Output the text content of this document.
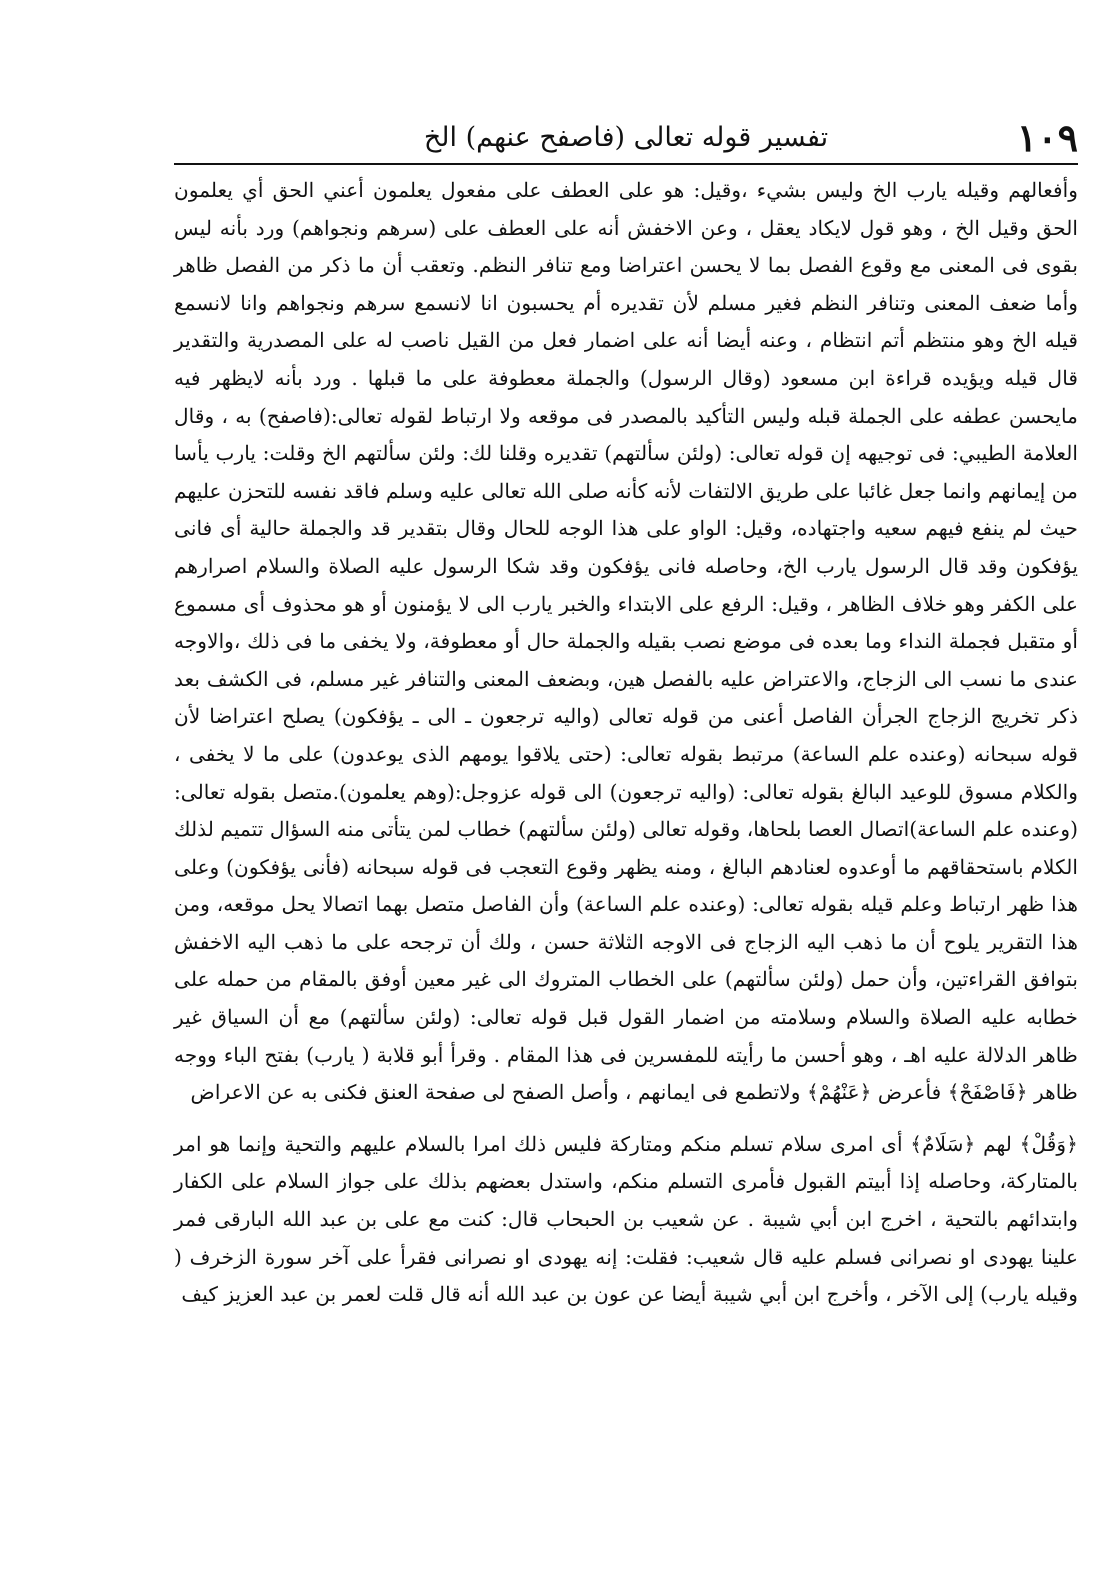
١٠٩
تفسير قوله تعالى (فاصفح عنهم) الخ

وأفعالهم وقيله يارب الخ وليس بشيء ،وقيل: هو على العطف على مفعول يعلمون أعني الحق أي يعلمون الحق وقيل الخ ، وهو قول لايكاد يعقل ، وعن الاخفش أنه على العطف على (سرهم ونجواهم) ورد بأنه ليس بقوى فى المعنى مع وقوع الفصل بما لا يحسن اعتراضا ومع تنافر النظم. وتعقب أن ما ذكر من الفصل ظاهر وأما ضعف المعنى وتنافر النظم فغير مسلم لأن تقديره أم يحسبون انا لانسمع سرهم ونجواهم وانا لانسمع قيله الخ وهو منتظم أتم انتظام ، وعنه أيضا أنه على اضمار فعل من القيل ناصب له على المصدرية والتقدير قال قيله ويؤيده قراءة ابن مسعود (وقال الرسول) والجملة معطوفة على ما قبلها . ورد بأنه لايظهر فيه مايحسن عطفه على الجملة قبله وليس التأكيد بالمصدر فى موقعه ولا ارتباط لقوله تعالى:(فاصفح) به ، وقال العلامة الطيبي: فى توجيهه إن قوله تعالى: (ولئن سألتهم) تقديره وقلنا لك: ولئن سألتهم الخ وقلت: يارب يأسا من إيمانهم وانما جعل غائبا على طريق الالتفات لأنه كأنه صلى الله تعالى عليه وسلم فاقد نفسه للتحزن عليهم حيث لم ينفع فيهم سعيه واجتهاده، وقيل: الواو على هذا الوجه للحال وقال بتقدير قد والجملة حالية أى فانى يؤفكون وقد قال الرسول يارب الخ، وحاصله فانى يؤفكون وقد شكا الرسول عليه الصلاة والسلام اصرارهم على الكفر وهو خلاف الظاهر ، وقيل: الرفع على الابتداء والخبر يارب الى لا يؤمنون أو هو محذوف أى مسموع أو متقبل فجملة النداء وما بعده فى موضع نصب بقيله والجملة حال أو معطوفة، ولا يخفى ما فى ذلك ،والاوجه عندى ما نسب الى الزجاج، والاعتراض عليه بالفصل هين، وبضعف المعنى والتنافر غير مسلم، فى الكشف بعد ذكر تخريج الزجاج الجرأن الفاصل أعنى من قوله تعالى (واليه ترجعون ـ الى ـ يؤفكون) يصلح اعتراضا لأن قوله سبحانه (وعنده علم الساعة) مرتبط بقوله تعالى: (حتى يلاقوا يومهم الذى يوعدون) على ما لا يخفى ، والكلام مسوق للوعيد البالغ بقوله تعالى: (واليه ترجعون) الى قوله عزوجل:(وهم يعلمون).متصل بقوله تعالى: (وعنده علم الساعة)اتصال العصا بلحاها، وقوله تعالى (ولئن سألتهم) خطاب لمن يتأتى منه السؤال تتميم لذلك الكلام باستحقاقهم ما أوعدوه لعنادهم البالغ ، ومنه يظهر وقوع التعجب فى قوله سبحانه (فأنى يؤفكون) وعلى هذا ظهر ارتباط وعلم قيله بقوله تعالى: (وعنده علم الساعة) وأن الفاصل متصل بهما اتصالا يحل موقعه، ومن هذا التقرير يلوح أن ما ذهب اليه الزجاج فى الاوجه الثلاثة حسن ، ولك أن ترجحه على ما ذهب اليه الاخفش بتوافق القراءتين، وأن حمل (ولئن سألتهم) على الخطاب المتروك الى غير معين أوفق بالمقام من حمله على خطابه عليه الصلاة والسلام وسلامته من اضمار القول قبل قوله تعالى: (ولئن سألتهم) مع أن السياق غير ظاهر الدلالة عليه اهـ ، وهو أحسن ما رأيته للمفسرين فى هذا المقام . وقرأ أبو قلابة ( يارب) بفتح الباء ووجه ظاهر ﴿فَاصْفَحْ﴾ فأعرض ﴿عَنْهُمْ﴾ ولاتطمع فى ايمانهم ، وأصل الصفح لى صفحة العنق فكنى به عن الاعراض

﴿وَقُلْ﴾ لهم ﴿سَلَامٌ﴾ أى امرى سلام تسلم منكم ومتاركة فليس ذلك امرا بالسلام عليهم والتحية وإنما هو امر بالمتاركة، وحاصله إذا أبيتم القبول فأمرى التسلم منكم، واستدل بعضهم بذلك على جواز السلام على الكفار وابتدائهم بالتحية ، اخرج ابن أبي شيبة . عن شعيب بن الحبحاب قال: كنت مع على بن عبد الله البارقى فمر علينا يهودى او نصرانى فسلم عليه قال شعيب: فقلت: إنه يهودى او نصرانى فقرأ على آخر سورة الزخرف ( وقيله يارب) إلى الآخر ، وأخرج ابن أبي شيبة أيضا عن عون بن عبد الله أنه قال قلت لعمر بن عبد العزيز كيف
